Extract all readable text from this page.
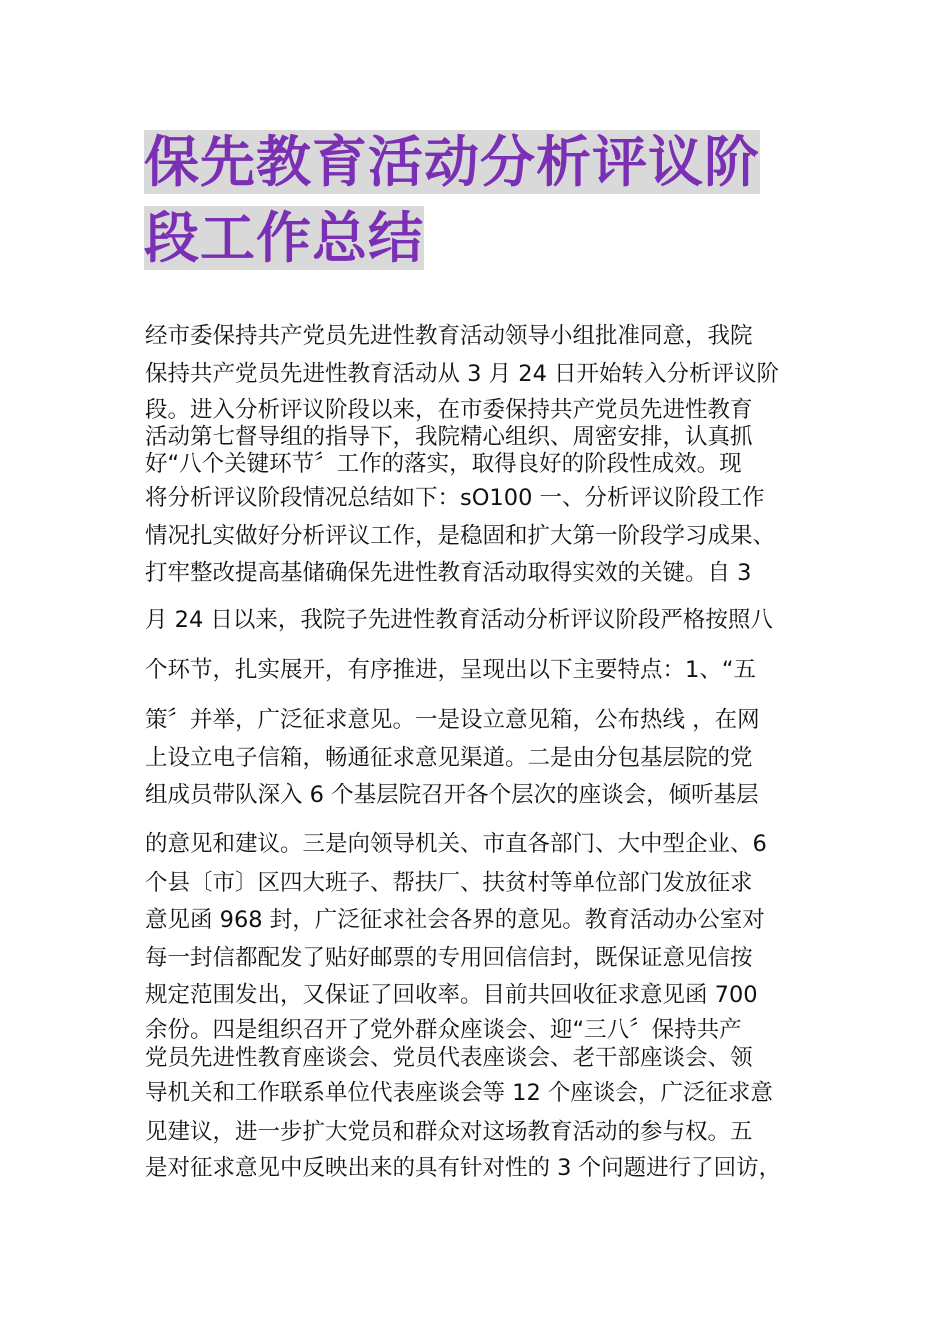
保先教育活动分析评议阶
段工作总结
经市委保持共产党员先进性教育活动领导小组批准同意，我院
保持共产党员先进性教育活动从 3 月 24 日开始转入分析评议阶
段。进入分析评议阶段以来，在市委保持共产党员先进性教育
活动第七督导组的指导下，我院精心组织、周密安排，认真抓
好“八个关键环节〞工作的落实，取得良好的阶段性成效。现
将分析评议阶段情况总结如下：sO100 一、分析评议阶段工作
情况扎实做好分析评议工作，是稳固和扩大第一阶段学习成果、
打牢整改提高基储确保先进性教育活动取得实效的关键。自 3
月 24 日以来，我院子先进性教育活动分析评议阶段严格按照八
个环节，扎实展开，有序推进，呈现出以下主要特点：1、“五
策〞并举，广泛征求意见。一是设立意见箱，公布热线 ，在网
上设立电子信箱，畅通征求意见渠道。二是由分包基层院的党
组成员带队深入 6 个基层院召开各个层次的座谈会，倾听基层
的意见和建议。三是向领导机关、市直各部门、大中型企业、6
个县〔市〕区四大班子、帮扶厂、扶贫村等单位部门发放征求
意见函 968 封，广泛征求社会各界的意见。教育活动办公室对
每一封信都配发了贴好邮票的专用回信信封，既保证意见信按
规定范围发出，又保证了回收率。目前共回收征求意见函 700
余份。四是组织召开了党外群众座谈会、迎“三八〞保持共产
党员先进性教育座谈会、党员代表座谈会、老干部座谈会、领
导机关和工作联系单位代表座谈会等 12 个座谈会，广泛征求意
见建议，进一步扩大党员和群众对这场教育活动的参与权。五
是对征求意见中反映出来的具有针对性的 3 个问题进行了回访，
